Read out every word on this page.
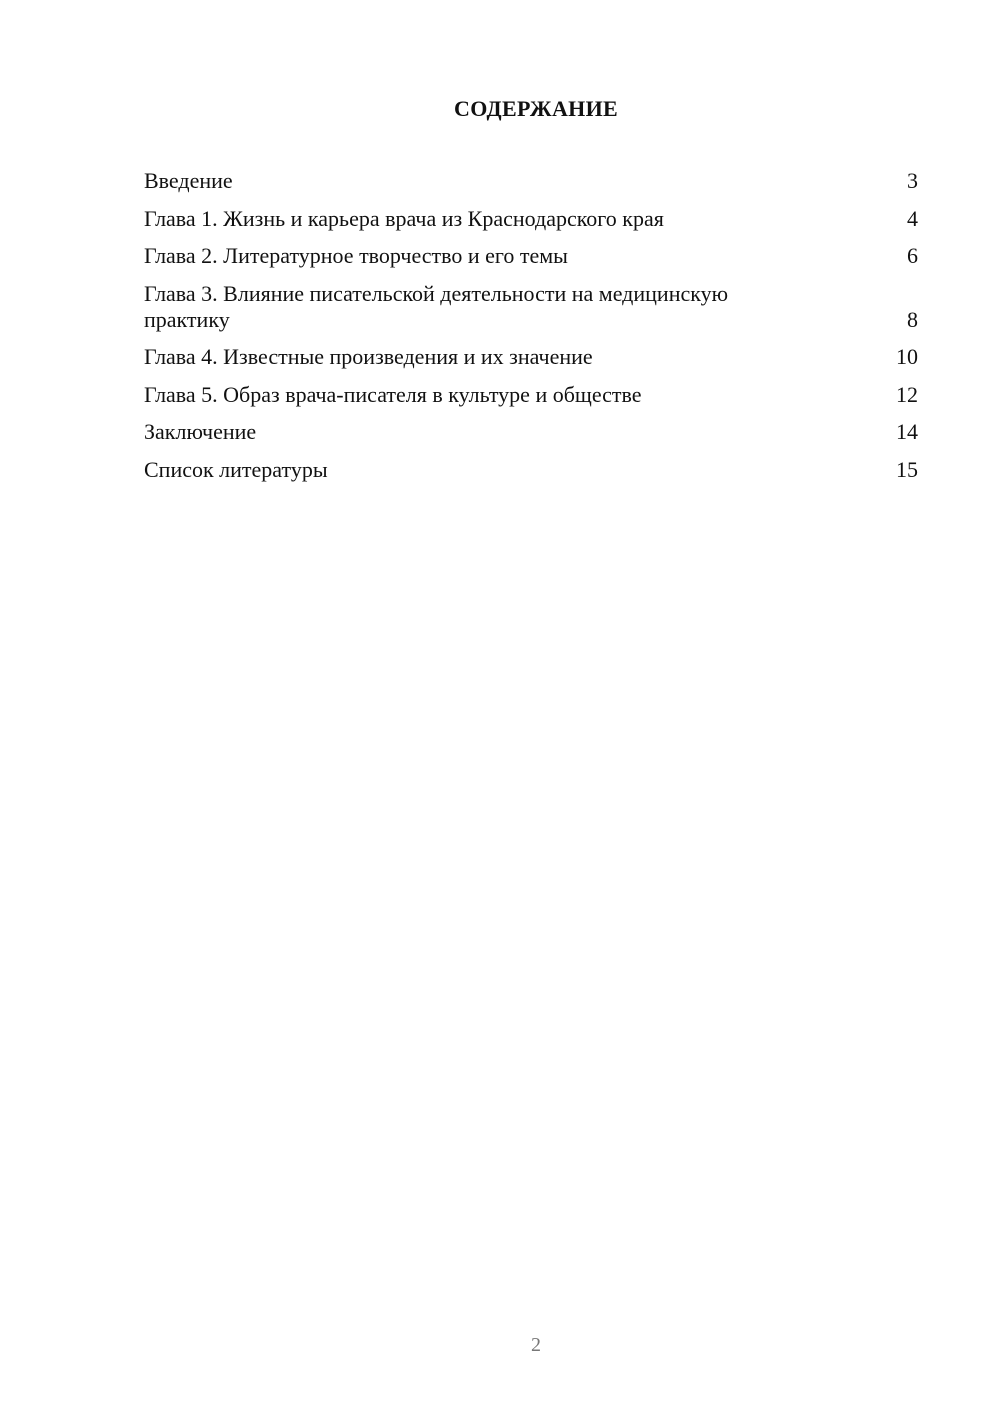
СОДЕРЖАНИЕ
Введение	3
Глава 1. Жизнь и карьера врача из Краснодарского края	4
Глава 2. Литературное творчество и его темы	6
Глава 3. Влияние писательской деятельности на медицинскую практику	8
Глава 4. Известные произведения и их значение	10
Глава 5. Образ врача-писателя в культуре и обществе	12
Заключение	14
Список литературы	15
2
